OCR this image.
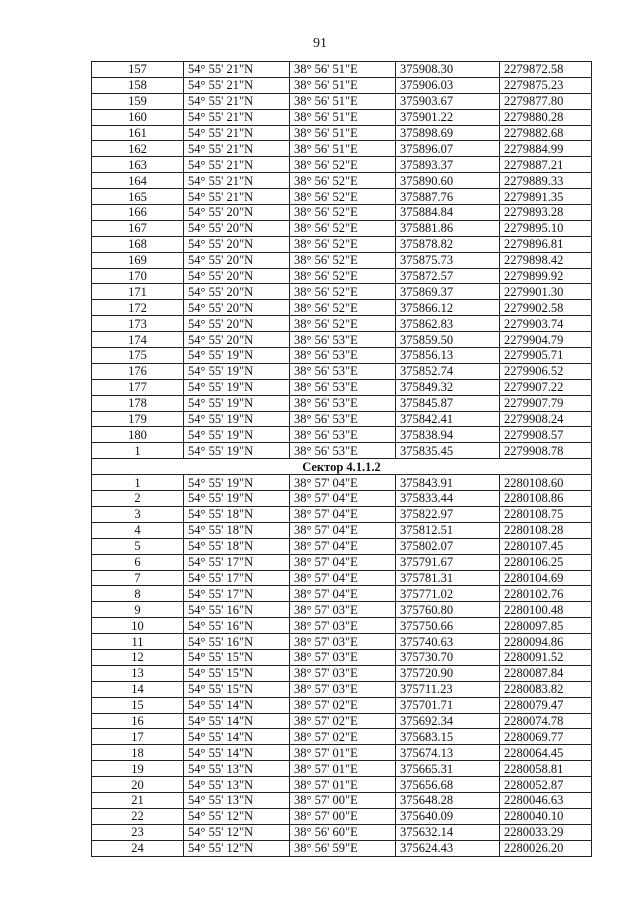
91
157	54° 55' 21"N	38° 56' 51"E	375908.30	2279872.58
158	54° 55' 21"N	38° 56' 51"E	375906.03	2279875.23
159	54° 55' 21"N	38° 56' 51"E	375903.67	2279877.80
160	54° 55' 21"N	38° 56' 51"E	375901.22	2279880.28
161	54° 55' 21"N	38° 56' 51"E	375898.69	2279882.68
162	54° 55' 21"N	38° 56' 51"E	375896.07	2279884.99
163	54° 55' 21"N	38° 56' 52"E	375893.37	2279887.21
164	54° 55' 21"N	38° 56' 52"E	375890.60	2279889.33
165	54° 55' 21"N	38° 56' 52"E	375887.76	2279891.35
166	54° 55' 20"N	38° 56' 52"E	375884.84	2279893.28
167	54° 55' 20"N	38° 56' 52"E	375881.86	2279895.10
168	54° 55' 20"N	38° 56' 52"E	375878.82	2279896.81
169	54° 55' 20"N	38° 56' 52"E	375875.73	2279898.42
170	54° 55' 20"N	38° 56' 52"E	375872.57	2279899.92
171	54° 55' 20"N	38° 56' 52"E	375869.37	2279901.30
172	54° 55' 20"N	38° 56' 52"E	375866.12	2279902.58
173	54° 55' 20"N	38° 56' 52"E	375862.83	2279903.74
174	54° 55' 20"N	38° 56' 53"E	375859.50	2279904.79
175	54° 55' 19"N	38° 56' 53"E	375856.13	2279905.71
176	54° 55' 19"N	38° 56' 53"E	375852.74	2279906.52
177	54° 55' 19"N	38° 56' 53"E	375849.32	2279907.22
178	54° 55' 19"N	38° 56' 53"E	375845.87	2279907.79
179	54° 55' 19"N	38° 56' 53"E	375842.41	2279908.24
180	54° 55' 19"N	38° 56' 53"E	375838.94	2279908.57
1	54° 55' 19"N	38° 56' 53"E	375835.45	2279908.78
Сектор 4.1.1.2				
1	54° 55' 19"N	38° 57' 04"E	375843.91	2280108.60
2	54° 55' 19"N	38° 57' 04"E	375833.44	2280108.86
3	54° 55' 18"N	38° 57' 04"E	375822.97	2280108.75
4	54° 55' 18"N	38° 57' 04"E	375812.51	2280108.28
5	54° 55' 18"N	38° 57' 04"E	375802.07	2280107.45
6	54° 55' 17"N	38° 57' 04"E	375791.67	2280106.25
7	54° 55' 17"N	38° 57' 04"E	375781.31	2280104.69
8	54° 55' 17"N	38° 57' 04"E	375771.02	2280102.76
9	54° 55' 16"N	38° 57' 03"E	375760.80	2280100.48
10	54° 55' 16"N	38° 57' 03"E	375750.66	2280097.85
11	54° 55' 16"N	38° 57' 03"E	375740.63	2280094.86
12	54° 55' 15"N	38° 57' 03"E	375730.70	2280091.52
13	54° 55' 15"N	38° 57' 03"E	375720.90	2280087.84
14	54° 55' 15"N	38° 57' 03"E	375711.23	2280083.82
15	54° 55' 14"N	38° 57' 02"E	375701.71	2280079.47
16	54° 55' 14"N	38° 57' 02"E	375692.34	2280074.78
17	54° 55' 14"N	38° 57' 02"E	375683.15	2280069.77
18	54° 55' 14"N	38° 57' 01"E	375674.13	2280064.45
19	54° 55' 13"N	38° 57' 01"E	375665.31	2280058.81
20	54° 55' 13"N	38° 57' 01"E	375656.68	2280052.87
21	54° 55' 13"N	38° 57' 00"E	375648.28	2280046.63
22	54° 55' 12"N	38° 57' 00"E	375640.09	2280040.10
23	54° 55' 12"N	38° 56' 60"E	375632.14	2280033.29
24	54° 55' 12"N	38° 56' 59"E	375624.43	2280026.20
